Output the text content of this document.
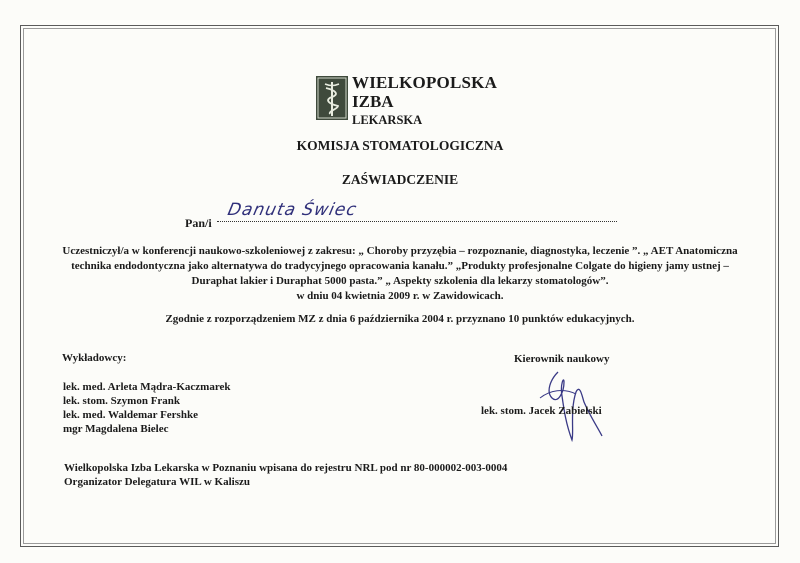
WIELKOPOLSKA
IZBA
LEKARSKA
KOMISJA STOMATOLOGICZNA
ZAŚWIADCZENIE
Pan/i
Danuta Świec
Uczestniczył/a w konferencji naukowo-szkoleniowej z zakresu: „ Choroby przyzębia – rozpoznanie, diagnostyka, leczenie ”. „ AET Anatomiczna technika endodontyczna jako alternatywa do tradycyjnego opracowania kanału.” „Produkty profesjonalne Colgate do higieny jamy ustnej – Duraphat lakier i Duraphat 5000 pasta.” „ Aspekty szkolenia dla lekarzy stomatologów”.
w dniu 04 kwietnia 2009 r. w Zawidowicach.
Zgodnie z rozporządzeniem MZ z dnia 6 października 2004 r. przyznano 10 punktów edukacyjnych.
Wykładowcy:
lek. med. Arleta Mądra-Kaczmarek
lek. stom. Szymon Frank
lek. med. Waldemar Fershke
mgr Magdalena Bielec
Kierownik naukowy
lek. stom. Jacek Zabielski
Wielkopolska Izba Lekarska w Poznaniu wpisana do rejestru NRL pod nr 80-000002-003-0004
Organizator Delegatura WIL w Kaliszu
